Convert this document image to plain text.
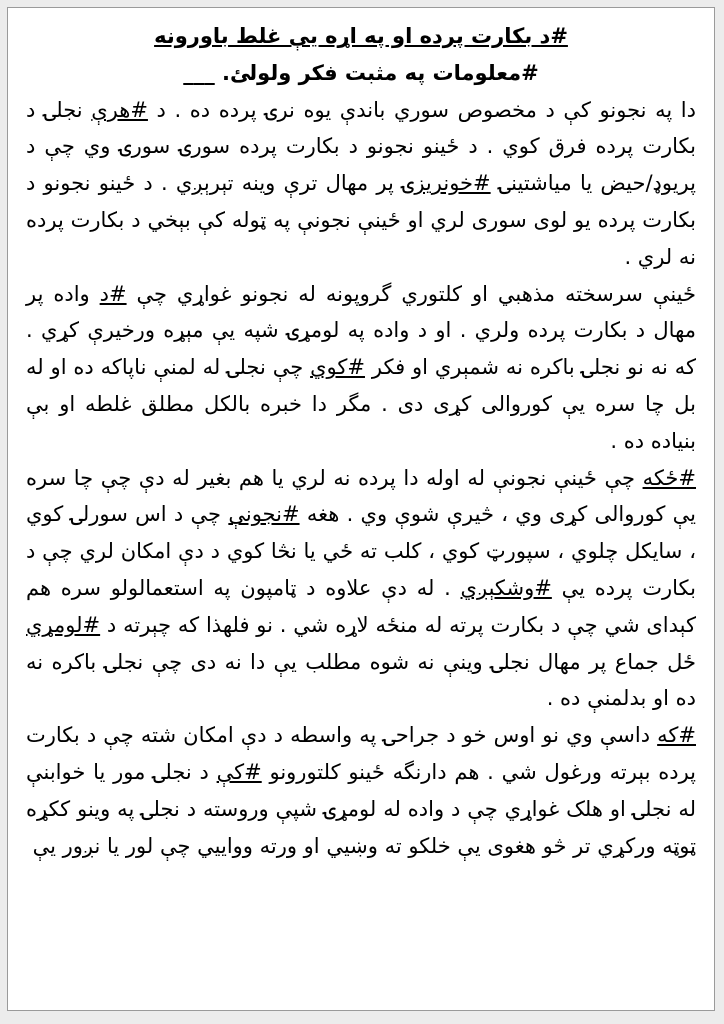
#د بکارت پرده او په اړه یې غلط باورونه
#معلومات په مثبت فکر ولولئ. ___

دا په نجونو کې د مخصوص سوري باندې یوه نرۍ پرده ده . د #هرې نجلۍ د بکارت پرده فرق کوي . د ځینو نجونو د بکارت پرده سورۍ سورۍ وي چې د پریوډ/حیض یا میاشتینۍ #خونریزۍ پر مهال ترې وینه تېرېږي . د ځینو نجونو د بکارت پرده یو لوی سوری لري او ځینې نجونې په ټوله کې بېخي د بکارت پرده نه لري .

ځینې سرسخته مذهبي او کلتوري گروپونه له نجونو غواړي چې #د واده پر مهال د بکارت پرده ولري . او د واده په لومړۍ شپه یې مېړه ورخیرې کړي . که نه نو نجلۍ باکره نه شمېري او فکر #کوي چې نجلۍ له لمنې ناپاکه ده او له بل چا سره یې کوروالی کړی دی . مگر دا خبره بالکل مطلق غلطه او بې بنیاده ده .

#ځکه چې ځینې نجونې له اوله دا پرده نه لري یا هم بغیر له دې چې چا سره یې کوروالی کړی وي ، څیرې شوې وي . هغه #نجونې چې د اس سورلۍ کوي ، سایکل چلوي ، سپورټ کوي ، کلب ته ځي یا نڅا کوي د دې امکان لري چې د بکارت پرده یې #وشکېږي . له دې علاوه د ټامپون په استعمالولو سره هم کېدای شي چې د بکارت پرته له منځه لاړه شي . نو فلهذا که چېرته د #لومړي ځل جماع پر مهال نجلۍ وینې نه شوه مطلب یې دا نه دی چې نجلۍ باکره نه ده او بدلمنې ده .

#که داسې وي نو اوس خو د جراحۍ په واسطه د دې امکان شته چې د بکارت پرده بېرته ورغول شي . هم دارنگه ځینو کلتورونو #کې د نجلۍ مور یا خوابنې له نجلۍ او هلک غواړي چې د واده له لومړۍ شپې وروسته د نجلۍ په وینو ککړه ټوټه ورکړي تر څو هغوی یې خلکو ته وښیي او ورته وواییي چې لور یا نږور یې
